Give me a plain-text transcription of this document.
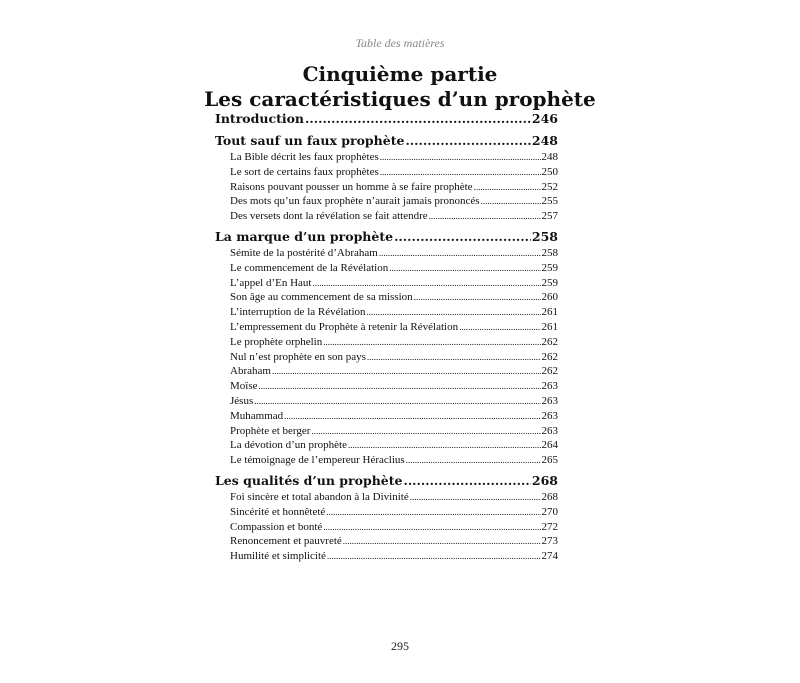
Table des matières
Cinquième partie
Les caractéristiques d’un prophète
Introduction .....	246
Tout sauf un faux prophète .....	248
La Bible décrit les faux prophètes .....	248
Le sort de certains faux prophètes .....	250
Raisons pouvant pousser un homme à se faire prophète .....	252
Des mots qu’un faux prophète n’aurait jamais prononcés .....	255
Des versets dont la révélation se fait attendre .....	257
La marque d’un prophète .....	258
Sémite de la postérité d’Abraham .....	258
Le commencement de la Révélation .....	259
L’appel d’En Haut .....	259
Son âge au commencement de sa mission .....	260
L’interruption de la Révélation .....	261
L’empressement du Prophète à retenir la Révélation .....	261
Le prophète orphelin .....	262
Nul n’est prophète en son pays .....	262
Abraham .....	262
Moïse .....	263
Jésus .....	263
Muhammad .....	263
Prophète et berger .....	263
La dévotion d’un prophète .....	264
Le témoignage de l’empereur Héraclius .....	265
Les qualités d’un prophète .....	268
Foi sincère et total abandon à la Divinité .....	268
Sincérité et honnêteté .....	270
Compassion et bonté .....	272
Renoncement et pauvreté .....	273
Humilité et simplicité .....	274
295
